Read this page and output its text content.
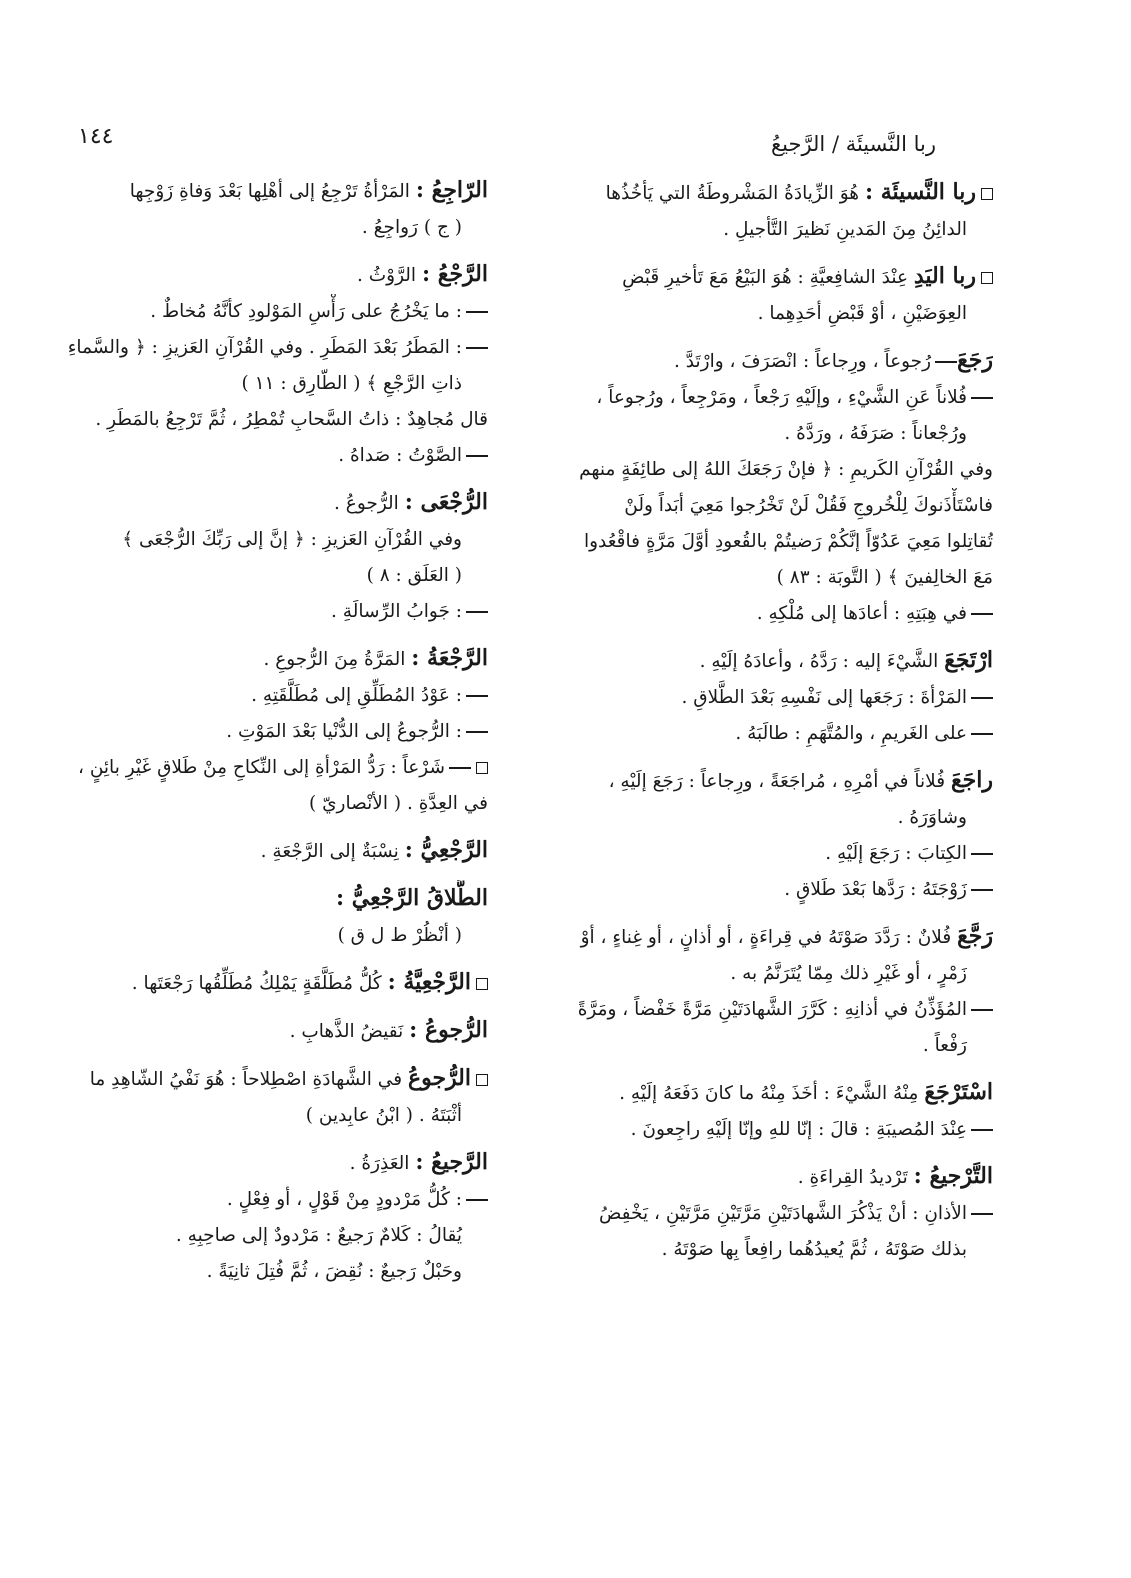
ربا النَّسيئَة / الرَّجيعُ
١٤٤
ربا النَّسيئَة : هُوَ الزِّيادَةُ المَشْروطَةُ التي يَأخُذُها
الدائِنُ مِنَ المَدينِ نَظيرَ التَّأجيلِ .
ربا اليَدِ عِنْدَ الشافِعيَّةِ : هُوَ البَيْعُ مَعَ تَأخيرِ قَبْضِ
العِوَضَيْنِ ، أوْ قَبْضِ أحَدِهِما .
رَجَعَرُجوعاً ، ورِجاعاً : انْصَرَفَ ، وارْتَدَّ .
فُلاناً عَنِ الشَّيْءِ ، وإلَيْهِ رَجْعاً ، ومَرْجِعاً ، ورُجوعاً ،
ورُجْعاناً : صَرَفَهُ ، ورَدَّهُ .
وفي القُرْآنِ الكَريمِ : ﴿ فإنْ رَجَعَكَ اللهُ إلى طائِفَةٍ منهم
فاسْتَأْذَنوكَ لِلْخُروجِ فَقُلْ لَنْ تَخْرُجوا مَعِيَ أبَداً ولَنْ
تُقاتِلوا مَعِيَ عَدُوّاً إنَّكُمْ رَضيتُمْ بالقُعودِ أوَّلَ مَرَّةٍ فاقْعُدوا
مَعَ الخالِفينَ ﴾ ( التَّوبَة : ٨٣ )
في هِبَتِهِ : أعادَها إلى مُلْكِهِ .
ارْتَجَعَ الشَّيْءَ إليه : رَدَّهُ ، وأعادَهُ إلَيْهِ .
المَرْأةَ : رَجَعَها إلى نَفْسِهِ بَعْدَ الطَّلاقِ .
على الغَريمِ ، والمُتَّهَمِ : طالَبَهُ .
راجَعَ فُلاناً في أمْرِهِ ، مُراجَعَةً ، ورِجاعاً : رَجَعَ إلَيْهِ ،
وشاوَرَهُ .
الكِتابَ : رَجَعَ إلَيْهِ .
زَوْجَتَهُ : رَدَّها بَعْدَ طَلاقٍ .
رَجَّعَ فُلانٌ : رَدَّدَ صَوْتَهُ في قِراءَةٍ ، أو أذانٍ ، أو غِناءٍ ، أوْ
زَمْرٍ ، أو غَيْرِ ذلك مِمّا يُتَرَنَّمُ به .
المُؤَذِّنُ في أذانِهِ : كَرَّرَ الشَّهادَتَيْنِ مَرَّةً خَفْضاً ، ومَرَّةً
رَفْعاً .
اسْتَرْجَعَ مِنْهُ الشَّيْءَ : أخَذَ مِنْهُ ما كانَ دَفَعَهُ إلَيْهِ .
عِنْدَ المُصيبَةِ : قالَ : إنّا للهِ وإنّا إلَيْهِ راجِعونَ .
التَّرْجيعُ : تَرْديدُ القِراءَةِ .
الأذانِ : أنْ يَذْكُرَ الشَّهادَتَيْنِ مَرَّتَيْنِ مَرَّتَيْنِ ، يَخْفِضُ
بذلك صَوْتَهُ ، ثُمَّ يُعيدُهُما رافِعاً بِها صَوْتَهُ .
الرّاجِعُ : المَرْأةُ تَرْجِعُ إلى أهْلِها بَعْدَ وَفاةِ زَوْجِها
( ج ) رَواجِعُ .
الرَّجْعُ : الرَّوْثُ .
: ما يَخْرُجُ على رَأْسِ المَوْلودِ كأنَّهُ مُخاطٌ .
: المَطَرُ بَعْدَ المَطَرِ . وفي القُرْآنِ العَزيزِ : ﴿ والسَّماءِ
ذاتِ الرَّجْعِ ﴾ ( الطّارِق : ١١ )
قال مُجاهِدٌ : ذاتُ السَّحابِ تُمْطِرُ ، ثُمَّ تَرْجِعُ بالمَطَرِ .
الصَّوْتُ : صَداهُ .
الرُّجْعَى : الرُّجوعُ .
وفي القُرْآنِ العَزيزِ : ﴿ إنَّ إلى رَبِّكَ الرُّجْعَى ﴾
( العَلَق : ٨ )
: جَوابُ الرِّسالَةِ .
الرَّجْعَةُ : المَرَّةُ مِنَ الرُّجوعِ .
: عَوْدُ المُطَلِّقِ إلى مُطَلَّقَتِهِ .
: الرُّجوعُ إلى الدُّنْيا بَعْدَ المَوْتِ .
شَرْعاً : رَدُّ المَرْأةِ إلى النِّكاحِ مِنْ طَلاقٍ غَيْرِ بائِنٍ ،
في العِدَّةِ . ( الأنْصاريّ )
الرَّجْعِيُّ : نِسْبَةٌ إلى الرَّجْعَةِ .
الطَّلاقُ الرَّجْعِيُّ :
( أنْظُرْ ط ل ق )
الرَّجْعِيَّةُ : كُلُّ مُطَلَّقَةٍ يَمْلِكُ مُطَلِّقُها رَجْعَتَها .
الرُّجوعُ : نَقيضُ الذَّهابِ .
الرُّجوعُ في الشَّهادَةِ اصْطِلاحاً : هُوَ نَفْيُ الشّاهِدِ ما
أثْبَتَهُ . ( ابْنُ عابِدين )
الرَّجيعُ : العَذِرَةُ .
: كُلُّ مَرْدودٍ مِنْ قَوْلٍ ، أو فِعْلٍ .
يُقالُ : كَلامٌ رَجيعٌ : مَرْدودٌ إلى صاحِبِهِ .
وحَبْلٌ رَجيعٌ : نُقِضَ ، ثُمَّ فُتِلَ ثانِيَةً .
